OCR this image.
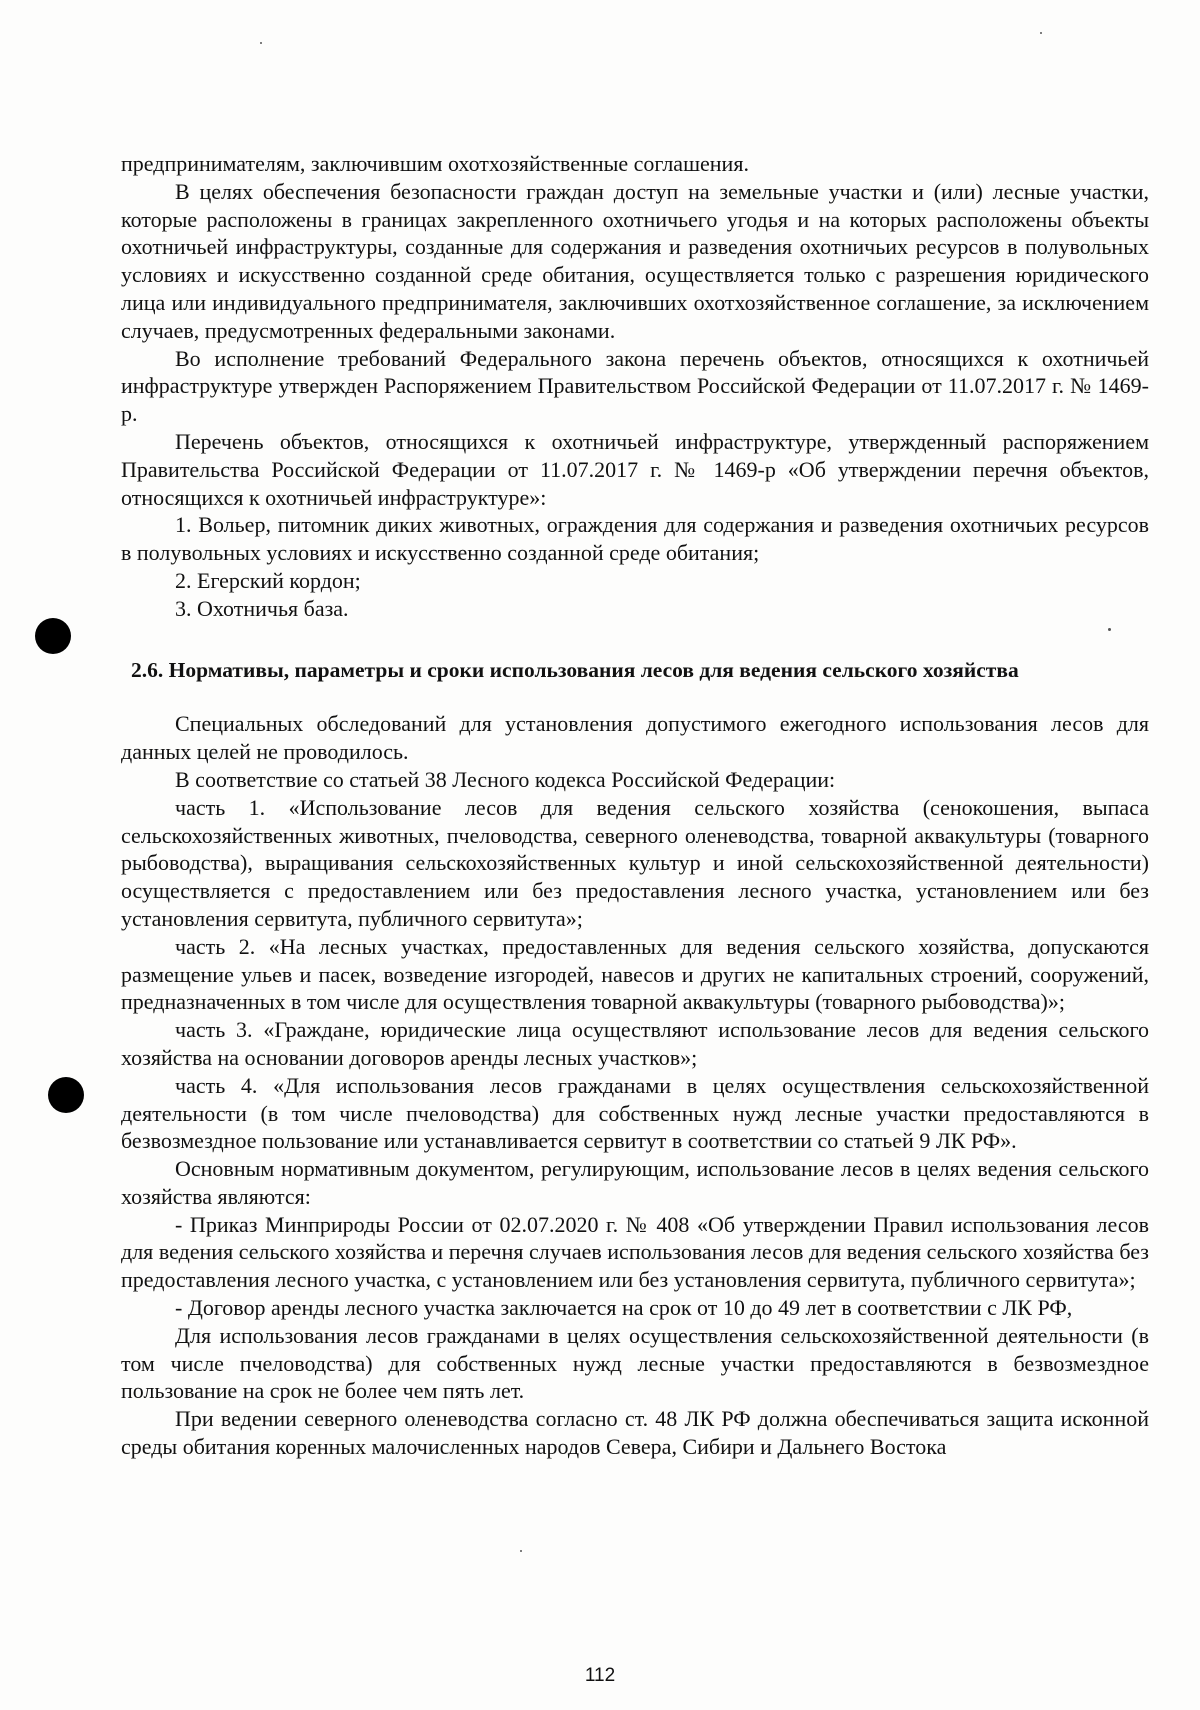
предпринимателям, заключившим охотхозяйственные соглашения.

В целях обеспечения безопасности граждан доступ на земельные участки и (или) лесные участки, которые расположены в границах закрепленного охотничьего угодья и на которых расположены объекты охотничьей инфраструктуры, созданные для содержания и разведения охотничьих ресурсов в полувольных условиях и искусственно созданной среде обитания, осуществляется только с разрешения юридического лица или индивидуального предпринимателя, заключивших охотхозяйственное соглашение, за исключением случаев, предусмотренных федеральными законами.

Во исполнение требований Федерального закона перечень объектов, относящихся к охотничьей инфраструктуре утвержден Распоряжением Правительством Российской Федерации от 11.07.2017 г. № 1469-р.

Перечень объектов, относящихся к охотничьей инфраструктуре, утвержденный распоряжением Правительства Российской Федерации от 11.07.2017 г. № 1469-р «Об утверждении перечня объектов, относящихся к охотничьей инфраструктуре»:

1. Вольер, питомник диких животных, ограждения для содержания и разведения охотничьих ресурсов в полувольных условиях и искусственно созданной среде обитания;

2. Егерский кордон;

3. Охотничья база.

2.6. Нормативы, параметры и сроки использования лесов для ведения сельского хозяйства

Специальных обследований для установления допустимого ежегодного использования лесов для данных целей не проводилось.

В соответствие со статьей 38 Лесного кодекса Российской Федерации:

часть 1. «Использование лесов для ведения сельского хозяйства (сенокошения, выпаса сельскохозяйственных животных, пчеловодства, северного оленеводства, товарной аквакультуры (товарного рыбоводства), выращивания сельскохозяйственных культур и иной сельскохозяйственной деятельности) осуществляется с предоставлением или без предоставления лесного участка, установлением или без установления сервитута, публичного сервитута»;

часть 2. «На лесных участках, предоставленных для ведения сельского хозяйства, допускаются размещение ульев и пасек, возведение изгородей, навесов и других не капитальных строений, сооружений, предназначенных в том числе для осуществления товарной аквакультуры (товарного рыбоводства)»;

часть 3. «Граждане, юридические лица осуществляют использование лесов для ведения сельского хозяйства на основании договоров аренды лесных участков»;

часть 4. «Для использования лесов гражданами в целях осуществления сельскохозяйственной деятельности (в том числе пчеловодства) для собственных нужд лесные участки предоставляются в безвозмездное пользование или устанавливается сервитут в соответствии со статьей 9 ЛК РФ».

Основным нормативным документом, регулирующим, использование лесов в целях ведения сельского хозяйства являются:

- Приказ Минприроды России от 02.07.2020 г. № 408 «Об утверждении Правил использования лесов для ведения сельского хозяйства и перечня случаев использования лесов для ведения сельского хозяйства без предоставления лесного участка, с установлением или без установления сервитута, публичного сервитута»;

- Договор аренды лесного участка заключается на срок от 10 до 49 лет в соответствии с ЛК РФ,

Для использования лесов гражданами в целях осуществления сельскохозяйственной деятельности (в том числе пчеловодства) для собственных нужд лесные участки предоставляются в безвозмездное пользование на срок не более чем пять лет.

При ведении северного оленеводства согласно ст. 48 ЛК РФ должна обеспечиваться защита исконной среды обитания коренных малочисленных народов Севера, Сибири и Дальнего Востока

112
